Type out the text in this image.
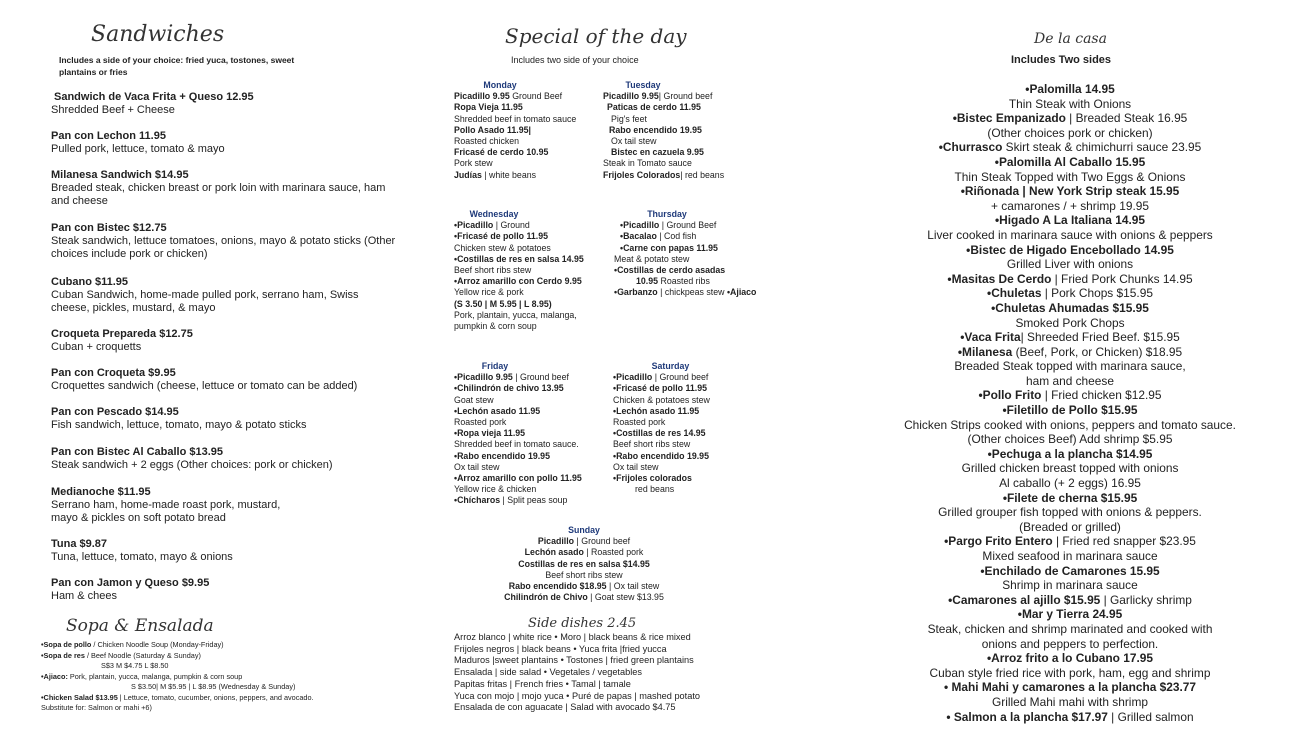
Sandwiches
Includes a side of your choice: fried yuca, tostones, sweet plantains or fries

Sandwich de Vaca Frita + Queso 12.95

Shredded Beef + Cheese

Pan con Lechon 11.95

Pulled pork, lettuce, tomato & mayo

Milanesa Sandwich $14.95

Breaded steak, chicken breast or pork loin with marinara sauce, ham and cheese

Pan con Bistec $12.75

Steak sandwich, lettuce tomatoes, onions, mayo & potato sticks (Other choices include pork or chicken)

Cubano $11.95

Cuban Sandwich, home-made pulled pork, serrano ham, Swiss cheese, pickles, mustard, & mayo

Croqueta Prepareda $12.75

Cuban + croquetts

Pan con Croqueta $9.95

Croquettes sandwich (cheese, lettuce or tomato can be added)

Pan con Pescado $14.95

Fish sandwich, lettuce, tomato, mayo & potato sticks

Pan con Bistec Al Caballo $13.95

Steak sandwich + 2 eggs (Other choices: pork or chicken)

Medianoche $11.95

Serrano ham, home-made roast pork, mustard, mayo & pickles on soft potato bread

Tuna $9.87

Tuna, lettuce, tomato, mayo & onions

Pan con Jamon y Queso $9.95

Ham & chees

Sopa & Ensalada

•Sopa de pollo / Chicken Noodle Soup (Monday-Friday)

•Sopa de res / Beef Noodle (Saturday & Sunday)

S$3 M $4.75 L $8.50

•Ajiaco: Pork, plantain, yucca, malanga, pumpkin & corn soup

S $3.50| M $5.95 | L $8.95 (Wednesday & Sunday)

•Chicken Salad $13.95 | Lettuce, tomato, cucumber, onions, peppers, and avocado.

Substitute for: Salmon or mahi +6)

Special of the day
Includes two side of your choice
Monday

Picadillo 9.95 Ground Beef

Ropa Vieja 11.95

Shredded beef in tomato sauce

Pollo Asado 11.95|

Roasted chicken

Fricasé de cerdo 10.95

Pork stew

Judías | white beans

Tuesday

Picadillo 9.95| Ground beef

Paticas de cerdo 11.95

Pig's feet

Rabo encendido 19.95

Ox tail stew

Bistec en cazuela 9.95

Steak in Tomato sauce

Frijoles Colorados| red beans

Wednesday

•Picadillo | Ground

•Fricasé de pollo 11.95

Chicken stew & potatoes

•Costillas de res en salsa 14.95

Beef short ribs stew

•Arroz amarillo con Cerdo 9.95

Yellow rice & pork

(S 3.50 | M 5.95 | L 8.95)

Pork, plantain, yucca, malanga,

pumpkin & corn soup

Thursday

•Picadillo | Ground Beef

•Bacalao | Cod fish

•Carne con papas 11.95

Meat & potato stew

•Costillas de cerdo asadas

10.95 Roasted ribs

•Garbanzo | chickpeas stew •Ajiaco

Friday

•Picadillo 9.95 | Ground beef

•Chilindrón de chivo 13.95

Goat stew

•Lechón asado 11.95

Roasted pork

•Ropa vieja 11.95

Shredded beef in tomato sauce.

•Rabo encendido 19.95

Ox tail stew

•Arroz amarillo con pollo 11.95

Yellow rice & chicken

•Chícharos | Split peas soup

Saturday

•Picadillo | Ground beef

•Fricasé de pollo 11.95

Chicken & potatoes stew

•Lechón asado 11.95

Roasted pork

•Costillas de res 14.95

Beef short ribs stew

•Rabo encendido 19.95

Ox tail stew

•Frijoles colorados

red beans

Sunday

Picadillo | Ground beef

Lechón asado | Roasted pork

Costillas de res en salsa $14.95

Beef short ribs stew

Rabo encendido $18.95 | Ox tail stew

Chilindrón de Chivo | Goat stew $13.95

Side dishes 2.45

Arroz blanco | white rice • Moro | black beans & rice mixed

Frijoles negros | black beans • Yuca frita |fried yucca

Maduros |sweet plantains • Tostones | fried green plantains

Ensalada | side salad • Vegetales / vegetables

Papitas fritas | French fries • Tamal | tamale

Yuca con mojo | mojo yuca • Puré de papas | mashed potato

Ensalada de con aguacate | Salad with avocado $4.75

De la casa
Includes Two sides

•Palomilla 14.95

Thin Steak with Onions

•Bistec Empanizado | Breaded Steak 16.95

(Other choices pork or chicken)

•Churrasco Skirt steak & chimichurri sauce 23.95

•Palomilla Al Caballo 15.95

Thin Steak Topped with Two Eggs & Onions

•Riñonada | New York Strip steak 15.95

+ camarones / + shrimp 19.95

•Higado A La Italiana 14.95

Liver cooked in marinara sauce with onions & peppers

•Bistec de Higado Encebollado 14.95

Grilled Liver with onions

•Masitas De Cerdo | Fried Pork Chunks 14.95

•Chuletas | Pork Chops $15.95

•Chuletas Ahumadas $15.95

Smoked Pork Chops

•Vaca Frita| Shreeded Fried Beef. $15.95

•Milanesa (Beef, Pork, or Chicken) $18.95

Breaded Steak topped with marinara sauce,

ham and cheese

•Pollo Frito | Fried chicken $12.95

•Filetillo de Pollo $15.95

Chicken Strips cooked with onions, peppers and tomato sauce.

(Other choices Beef) Add shrimp $5.95

•Pechuga a la plancha $14.95

Grilled chicken breast topped with onions

Al caballo (+ 2 eggs) 16.95

•Filete de cherna $15.95

Grilled grouper fish topped with onions & peppers.

(Breaded or grilled)

•Pargo Frito Entero | Fried red snapper $23.95

Mixed seafood in marinara sauce

•Enchilado de Camarones 15.95

Shrimp in marinara sauce

•Camarones al ajillo $15.95 | Garlicky shrimp

•Mar y Tierra 24.95

Steak, chicken and shrimp marinated and cooked with

onions and peppers to perfection.

•Arroz frito a lo Cubano 17.95

Cuban style fried rice with pork, ham, egg and shrimp

• Mahi Mahi y camarones a la plancha $23.77

Grilled Mahi mahi with shrimp

• Salmon a la plancha $17.97 | Grilled salmon
